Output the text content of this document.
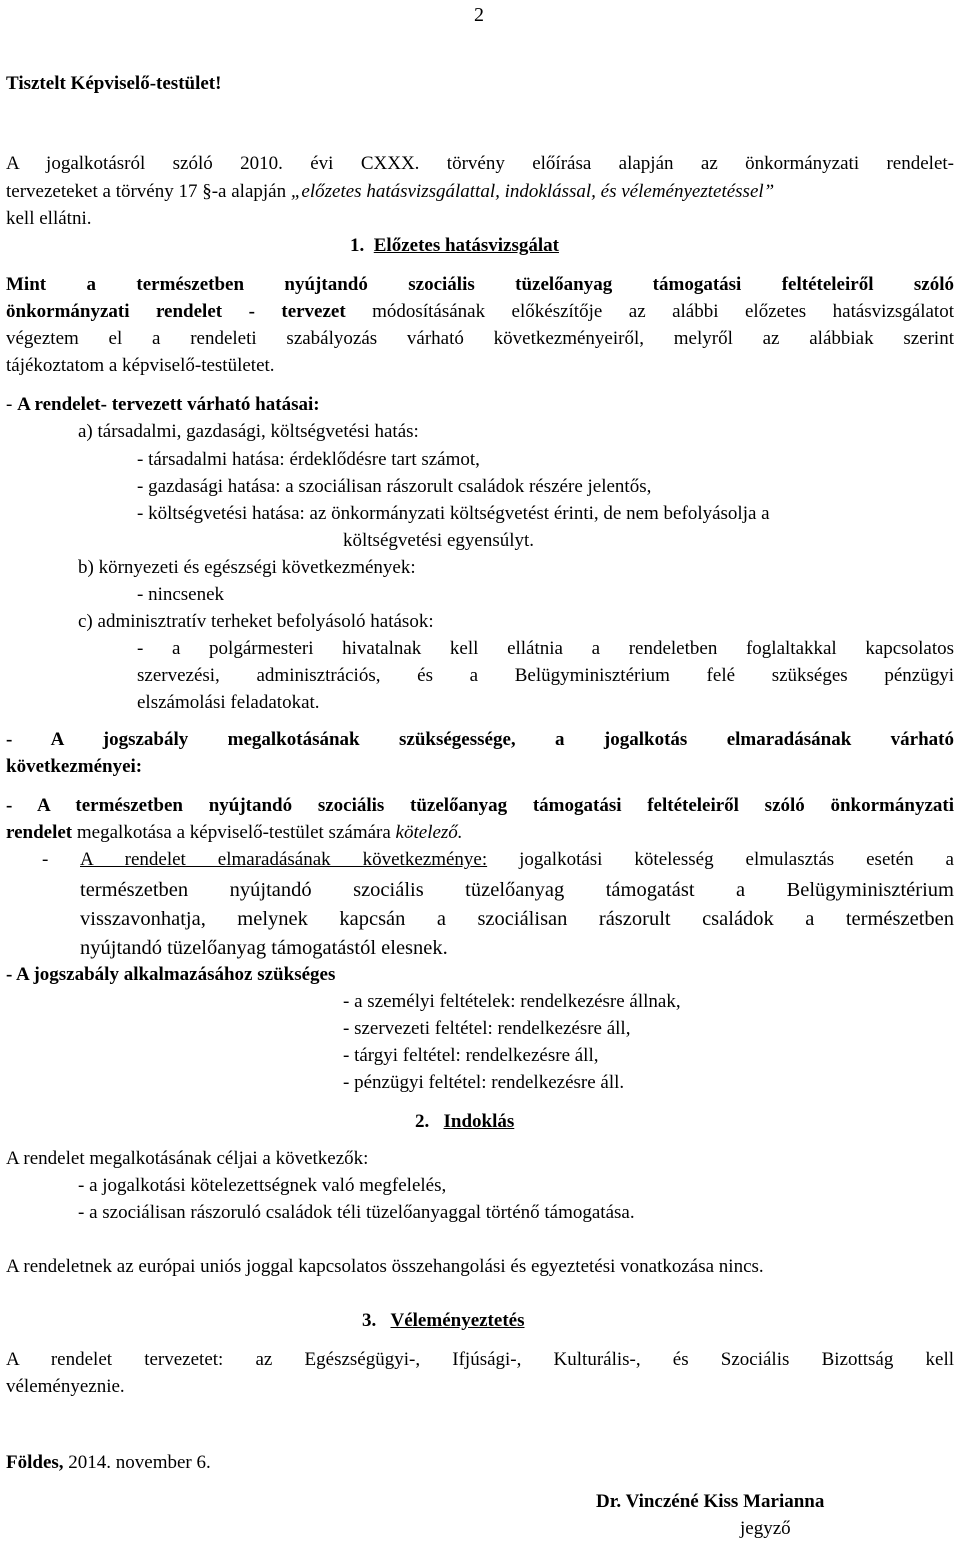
2
Tisztelt Képviselő-testület!
A jogalkotásról szóló 2010. évi CXXX. törvény előírása alapján az önkormányzati rendelet-
tervezeteket a törvény 17 §-a alapján „előzetes hatásvizsgálattal, indoklással, és véleményeztetéssel”
kell ellátni.
1. Előzetes hatásvizsgálat
Mint a természetben nyújtandó szociális tüzelőanyag támogatási feltételeiről szóló
önkormányzati rendelet - tervezet módosításának előkészítője az alábbi előzetes hatásvizsgálatot
végeztem el a rendeleti szabályozás várható következményeiről, melyről az alábbiak szerint
tájékoztatom a képviselő-testületet.
- A rendelet- tervezett várható hatásai:
a) társadalmi, gazdasági, költségvetési hatás:
- társadalmi hatása: érdeklődésre tart számot,
- gazdasági hatása: a szociálisan rászorult családok részére jelentős,
- költségvetési hatása: az önkormányzati költségvetést érinti, de nem befolyásolja a
költségvetési egyensúlyt.
b) környezeti és egészségi következmények:
- nincsenek
c) adminisztratív terheket befolyásoló hatások:
- a polgármesteri hivatalnak kell ellátnia a rendeletben foglaltakkal kapcsolatos
szervezési, adminisztrációs, és a Belügyminisztérium felé szükséges pénzügyi
elszámolási feladatokat.
- A jogszabály megalkotásának szükségessége, a jogalkotás elmaradásának várható
következményei:
- A természetben nyújtandó szociális tüzelőanyag támogatási feltételeiről szóló önkormányzati
rendelet megalkotása a képviselő-testület számára kötelező.
- A rendelet elmaradásának következménye: jogalkotási kötelesség elmulasztás esetén a
természetben nyújtandó szociális tüzelőanyag támogatást a Belügyminisztérium
visszavonhatja, melynek kapcsán a szociálisan rászorult családok a természetben
nyújtandó tüzelőanyag támogatástól elesnek.
- A jogszabály alkalmazásához szükséges
- a személyi feltételek: rendelkezésre állnak,
- szervezeti feltétel: rendelkezésre áll,
- tárgyi feltétel: rendelkezésre áll,
- pénzügyi feltétel: rendelkezésre áll.
2. Indoklás
A rendelet megalkotásának céljai a következők:
- a jogalkotási kötelezettségnek való megfelelés,
- a szociálisan rászoruló családok téli tüzelőanyaggal történő támogatása.
A rendeletnek az európai uniós joggal kapcsolatos összehangolási és egyeztetési vonatkozása nincs.
3. Véleményeztetés
A rendelet tervezetet: az Egészségügyi-, Ifjúsági-, Kulturális-, és Szociális Bizottság kell
véleményeznie.
Földes, 2014. november 6.
Dr. Vinczéné Kiss Marianna
jegyző
